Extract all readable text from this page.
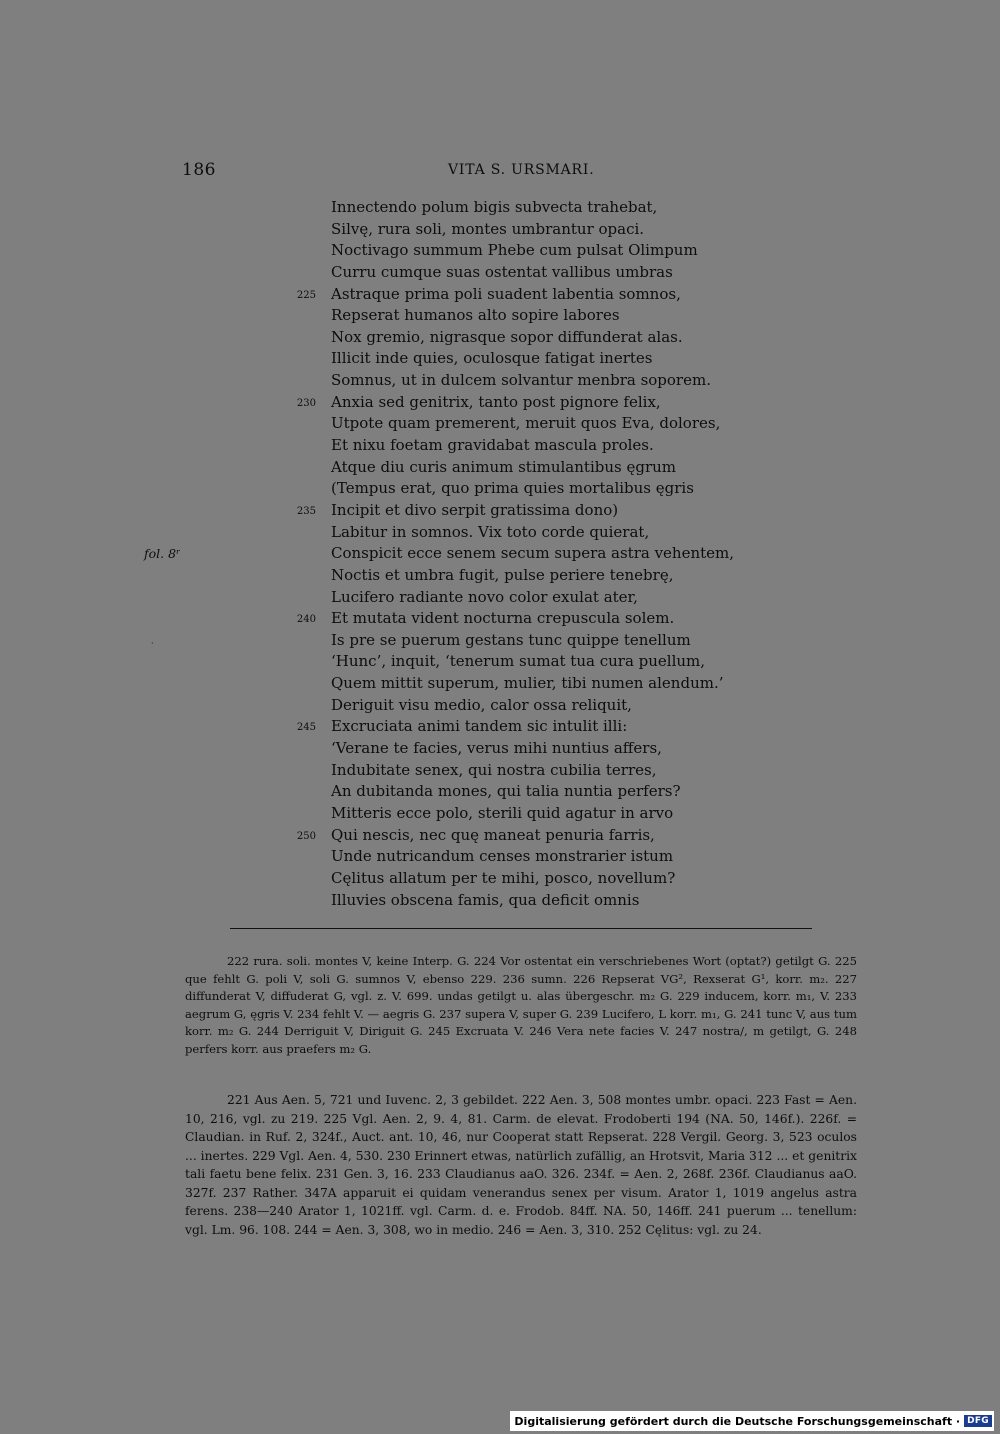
186	VITA S. URSMARI.
Innectendo polum bigis subvecta trahebat,
Silvę, rura soli, montes umbrantur opaci.
Noctivago summum Phebe cum pulsat Olimpum
Curru cumque suas ostentat vallibus umbras
225 Astraque prima poli suadent labentia somnos,
Repserat humanos alto sopire labores
Nox gremio, nigrasque sopor diffunderat alas.
Illicit inde quies, oculosque fatigat inertes
Somnus, ut in dulcem solvantur menbra soporem.
230 Anxia sed genitrix, tanto post pignore felix,
Utpote quam premerent, meruit quos Eva, dolores,
Et nixu foetam gravidabat mascula proles.
Atque diu curis animum stimulantibus ęgrum
(Tempus erat, quo prima quies mortalibus ęgris
235 Incipit et divo serpit gratissima dono)
Labitur in somnos. Vix toto corde quierat,
fol. 8ʳ	Conspicit ecce senem secum supera astra vehentem,
Noctis et umbra fugit, pulse periere tenebrę,
Lucifero radiante novo color exulat ater,
240 Et mutata vident nocturna crepuscula solem.
Is pre se puerum gestans tunc quippe tenellum
‘Hunc’, inquit, ‘tenerum sumat tua cura puellum,
Quem mittit superum, mulier, tibi numen alendum.’
Deriguit visu medio, calor ossa reliquit,
245 Excruciata animi tandem sic intulit illi:
‘Verane te facies, verus mihi nuntius affers,
Indubitate senex, qui nostra cubilia terres,
An dubitanda mones, qui talia nuntia perfers?
Mitteris ecce polo, sterili quid agatur in arvo
250 Qui nescis, nec quę maneat penuria farris,
Unde nutricandum censes monstrarier istum
Cęlitus allatum per te mihi, posco, novellum?
Illuvies obscena famis, qua deficit omnis
·

222 rura. soli. montes V, keine Interp. G. 224 Vor ostentat ein verschriebenes Wort (optat?) getilgt G. 225 que fehlt G. poli V, soli G. sumnos V, ebenso 229. 236 sumn. 226 Repserat VG², Rexserat G¹, korr. m₂. 227 diffunderat V, diffuderat G, vgl. z. V. 699. undas getilgt u. alas übergeschr. m₂ G. 229 inducem, korr. m₁, V. 233 aegrum G, ęgris V. 234 fehlt V. — aegris G. 237 supera V, super G. 239 Lucifero, L korr. m₁, G. 241 tunc V, aus tum korr. m₂ G. 244 Derriguit V, Diriguit G. 245 Excruata V. 246 Vera nete facies V. 247 nostra/, m getilgt, G. 248 perfers korr. aus praefers m₂ G.

221 Aus Aen. 5, 721 und Iuvenc. 2, 3 gebildet. 222 Aen. 3, 508 montes umbr. opaci. 223 Fast = Aen. 10, 216, vgl. zu 219. 225 Vgl. Aen. 2, 9. 4, 81. Carm. de elevat. Frodoberti 194 (NA. 50, 146f.). 226f. = Claudian. in Ruf. 2, 324f., Auct. ant. 10, 46, nur Cooperat statt Repserat. 228 Vergil. Georg. 3, 523 oculos ... inertes. 229 Vgl. Aen. 4, 530. 230 Erinnert etwas, natürlich zufällig, an Hrotsvit, Maria 312 ... et genitrix tali faetu bene felix. 231 Gen. 3, 16. 233 Claudianus aaO. 326. 234f. = Aen. 2, 268f. 236f. Claudianus aaO. 327f. 237 Rather. 347A apparuit ei quidam venerandus senex per visum. Arator 1, 1019 angelus astra ferens. 238—240 Arator 1, 1021ff. vgl. Carm. d. e. Frodob. 84ff. NA. 50, 146ff. 241 puerum ... tenellum: vgl. Lm. 96. 108. 244 = Aen. 3, 308, wo in medio. 246 = Aen. 3, 310. 252 Cęlitus: vgl. zu 24.

Digitalisierung gefördert durch die Deutsche Forschungsgemeinschaft · DFG
